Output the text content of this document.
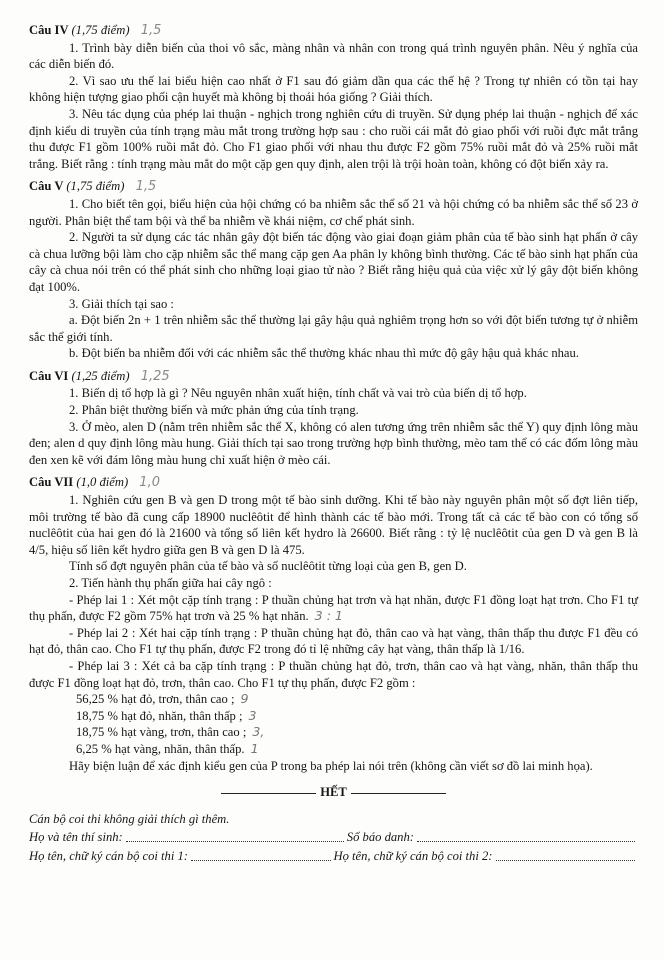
Câu IV (1,75 điểm) 1,5

1. Trình bày diễn biến của thoi vô sắc, màng nhân và nhân con trong quá trình nguyên phân. Nêu ý nghĩa của các diễn biến đó.

2. Vì sao ưu thế lai biểu hiện cao nhất ở F1 sau đó giảm dần qua các thế hệ ? Trong tự nhiên có tồn tại hay không hiện tượng giao phối cận huyết mà không bị thoái hóa giống ? Giải thích.

3. Nêu tác dụng của phép lai thuận - nghịch trong nghiên cứu di truyền. Sử dụng phép lai thuận - nghịch để xác định kiểu di truyền của tính trạng màu mắt trong trường hợp sau : cho ruồi cái mắt đỏ giao phối với ruồi đực mắt trắng thu được F1 gồm 100% ruồi mắt đỏ. Cho F1 giao phối với nhau thu được F2 gồm 75% ruồi mắt đỏ và 25% ruồi mắt trắng. Biết rằng : tính trạng màu mắt do một cặp gen quy định, alen trội là trội hoàn toàn, không có đột biến xảy ra.

Câu V (1,75 điểm) 1,5

1. Cho biết tên gọi, biểu hiện của hội chứng có ba nhiễm sắc thể số 21 và hội chứng có ba nhiễm sắc thể số 23 ở người. Phân biệt thể tam bội và thể ba nhiễm về khái niệm, cơ chế phát sinh.

2. Người ta sử dụng các tác nhân gây đột biến tác động vào giai đoạn giảm phân của tế bào sinh hạt phấn ở cây cà chua lưỡng bội làm cho cặp nhiễm sắc thể mang cặp gen Aa phân ly không bình thường. Các tế bào sinh hạt phấn của cây cà chua nói trên có thể phát sinh cho những loại giao tử nào ? Biết rằng hiệu quả của việc xử lý gây đột biến không đạt 100%.

3. Giải thích tại sao :

a. Đột biến 2n + 1 trên nhiễm sắc thể thường lại gây hậu quả nghiêm trọng hơn so với đột biến tương tự ở nhiễm sắc thể giới tính.

b. Đột biến ba nhiễm đối với các nhiễm sắc thể thường khác nhau thì mức độ gây hậu quả khác nhau.

Câu VI (1,25 điểm) 1,25

1. Biến dị tổ hợp là gì ? Nêu nguyên nhân xuất hiện, tính chất và vai trò của biến dị tổ hợp.

2. Phân biệt thường biến và mức phản ứng của tính trạng.

3. Ở mèo, alen D (nằm trên nhiễm sắc thể X, không có alen tương ứng trên nhiễm sắc thể Y) quy định lông màu đen; alen d quy định lông màu hung. Giải thích tại sao trong trường hợp bình thường, mèo tam thể có các đốm lông màu đen xen kẽ với đám lông màu hung chỉ xuất hiện ở mèo cái.

Câu VII (1,0 điểm) 1,0

1. Nghiên cứu gen B và gen D trong một tế bào sinh dưỡng. Khi tế bào này nguyên phân một số đợt liên tiếp, môi trường tế bào đã cung cấp 18900 nuclêôtit để hình thành các tế bào mới. Trong tất cả các tế bào con có tổng số nuclêôtit của hai gen đó là 21600 và tổng số liên kết hydro là 26600. Biết rằng : tỷ lệ nuclêôtit của gen D và gen B là 4/5, hiệu số liên kết hydro giữa gen B và gen D là 475.

Tính số đợt nguyên phân của tế bào và số nuclêôtit từng loại của gen B, gen D.

2. Tiến hành thụ phấn giữa hai cây ngô :

- Phép lai 1 : Xét một cặp tính trạng : P thuần chủng hạt trơn và hạt nhăn, được F1 đồng loạt hạt trơn. Cho F1 tự thụ phấn, được F2 gồm 75% hạt trơn và 25 % hạt nhăn. 3 : 1

- Phép lai 2 : Xét hai cặp tính trạng : P thuần chủng hạt đỏ, thân cao và hạt vàng, thân thấp thu được F1 đều có hạt đỏ, thân cao. Cho F1 tự thụ phấn, được F2 trong đó tỉ lệ những cây hạt vàng, thân thấp là 1/16.

- Phép lai 3 : Xét cả ba cặp tính trạng : P thuần chủng hạt đỏ, trơn, thân cao và hạt vàng, nhăn, thân thấp thu được F1 đồng loạt hạt đỏ, trơn, thân cao. Cho F1 tự thụ phấn, được F2 gồm :

56,25 % hạt đỏ, trơn, thân cao ; 9
18,75 % hạt đỏ, nhăn, thân thấp ; 3
18,75 % hạt vàng, trơn, thân cao ; 3,
6,25 % hạt vàng, nhăn, thân thấp. 1

Hãy biện luận để xác định kiểu gen của P trong ba phép lai nói trên (không cần viết sơ đồ lai minh họa).

HẾT
Cán bộ coi thi không giải thích gì thêm.
Họ và tên thí sinh:	Số báo danh:
Họ tên, chữ ký cán bộ coi thi 1:	Họ tên, chữ ký cán bộ coi thi 2:
